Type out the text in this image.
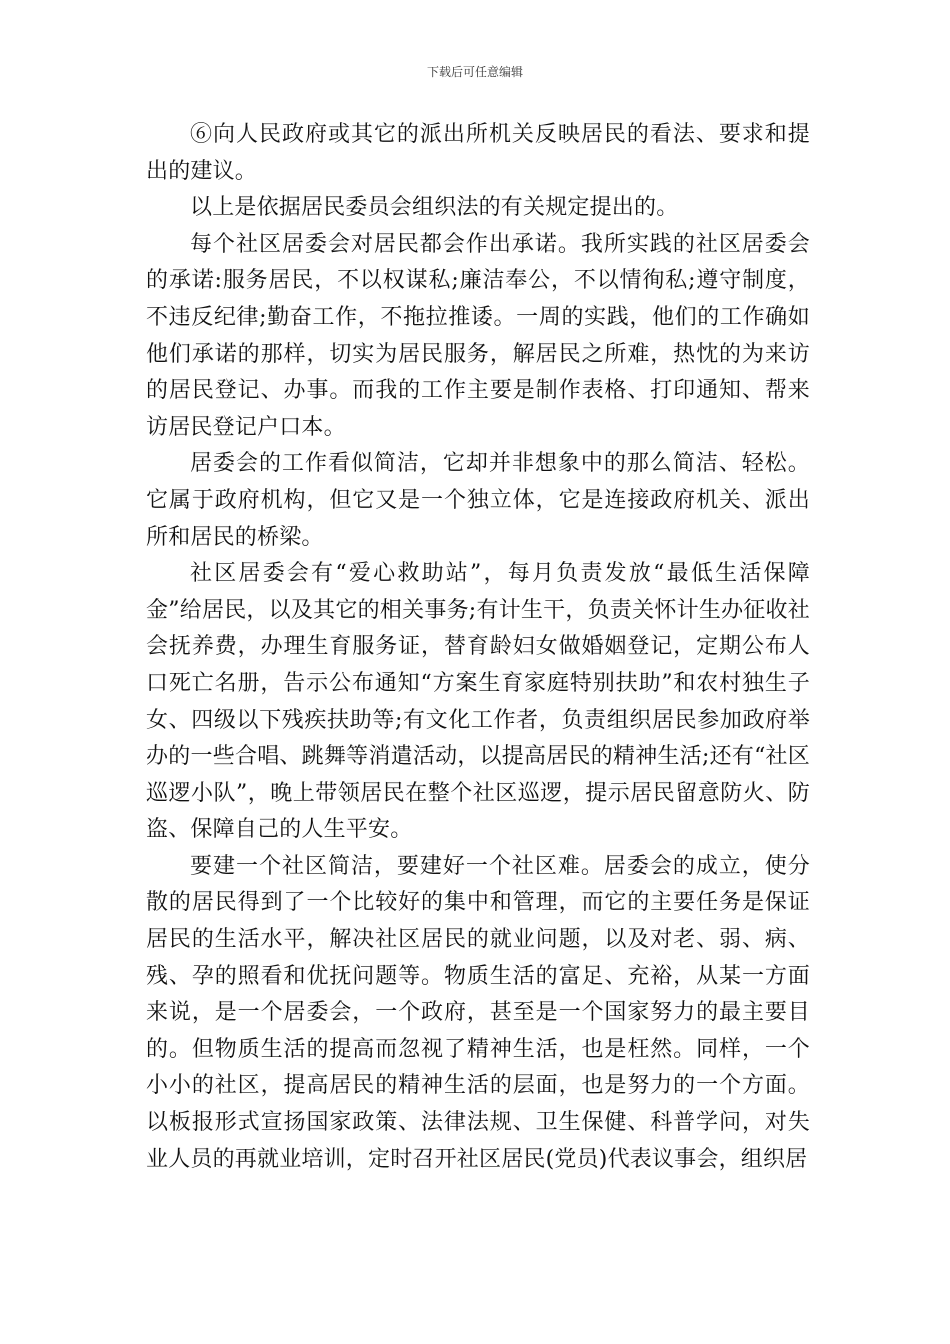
下载后可任意编辑

⑥向人民政府或其它的派出所机关反映居民的看法、要求和提出的建议。

以上是依据居民委员会组织法的有关规定提出的。

每个社区居委会对居民都会作出承诺。我所实践的社区居委会的承诺:服务居民，不以权谋私;廉洁奉公，不以情徇私;遵守制度，不违反纪律;勤奋工作，不拖拉推诿。一周的实践，他们的工作确如他们承诺的那样，切实为居民服务，解居民之所难，热忱的为来访的居民登记、办事。而我的工作主要是制作表格、打印通知、帮来访居民登记户口本。

居委会的工作看似简洁，它却并非想象中的那么简洁、轻松。它属于政府机构，但它又是一个独立体，它是连接政府机关、派出所和居民的桥梁。

社区居委会有“爱心救助站”，每月负责发放“最低生活保障金”给居民，以及其它的相关事务;有计生干，负责关怀计生办征收社会抚养费，办理生育服务证，替育龄妇女做婚姻登记，定期公布人口死亡名册，告示公布通知“方案生育家庭特别扶助”和农村独生子女、四级以下残疾扶助等;有文化工作者，负责组织居民参加政府举办的一些合唱、跳舞等消遣活动，以提高居民的精神生活;还有“社区巡逻小队”，晚上带领居民在整个社区巡逻，提示居民留意防火、防盗、保障自己的人生平安。

要建一个社区简洁，要建好一个社区难。居委会的成立，使分散的居民得到了一个比较好的集中和管理，而它的主要任务是保证居民的生活水平，解决社区居民的就业问题，以及对老、弱、病、残、孕的照看和优抚问题等。物质生活的富足、充裕，从某一方面来说，是一个居委会，一个政府，甚至是一个国家努力的最主要目的。但物质生活的提高而忽视了精神生活，也是枉然。同样，一个小小的社区，提高居民的精神生活的层面，也是努力的一个方面。以板报形式宣扬国家政策、法律法规、卫生保健、科普学问，对失业人员的再就业培训，定时召开社区居民(党员)代表议事会，组织居
